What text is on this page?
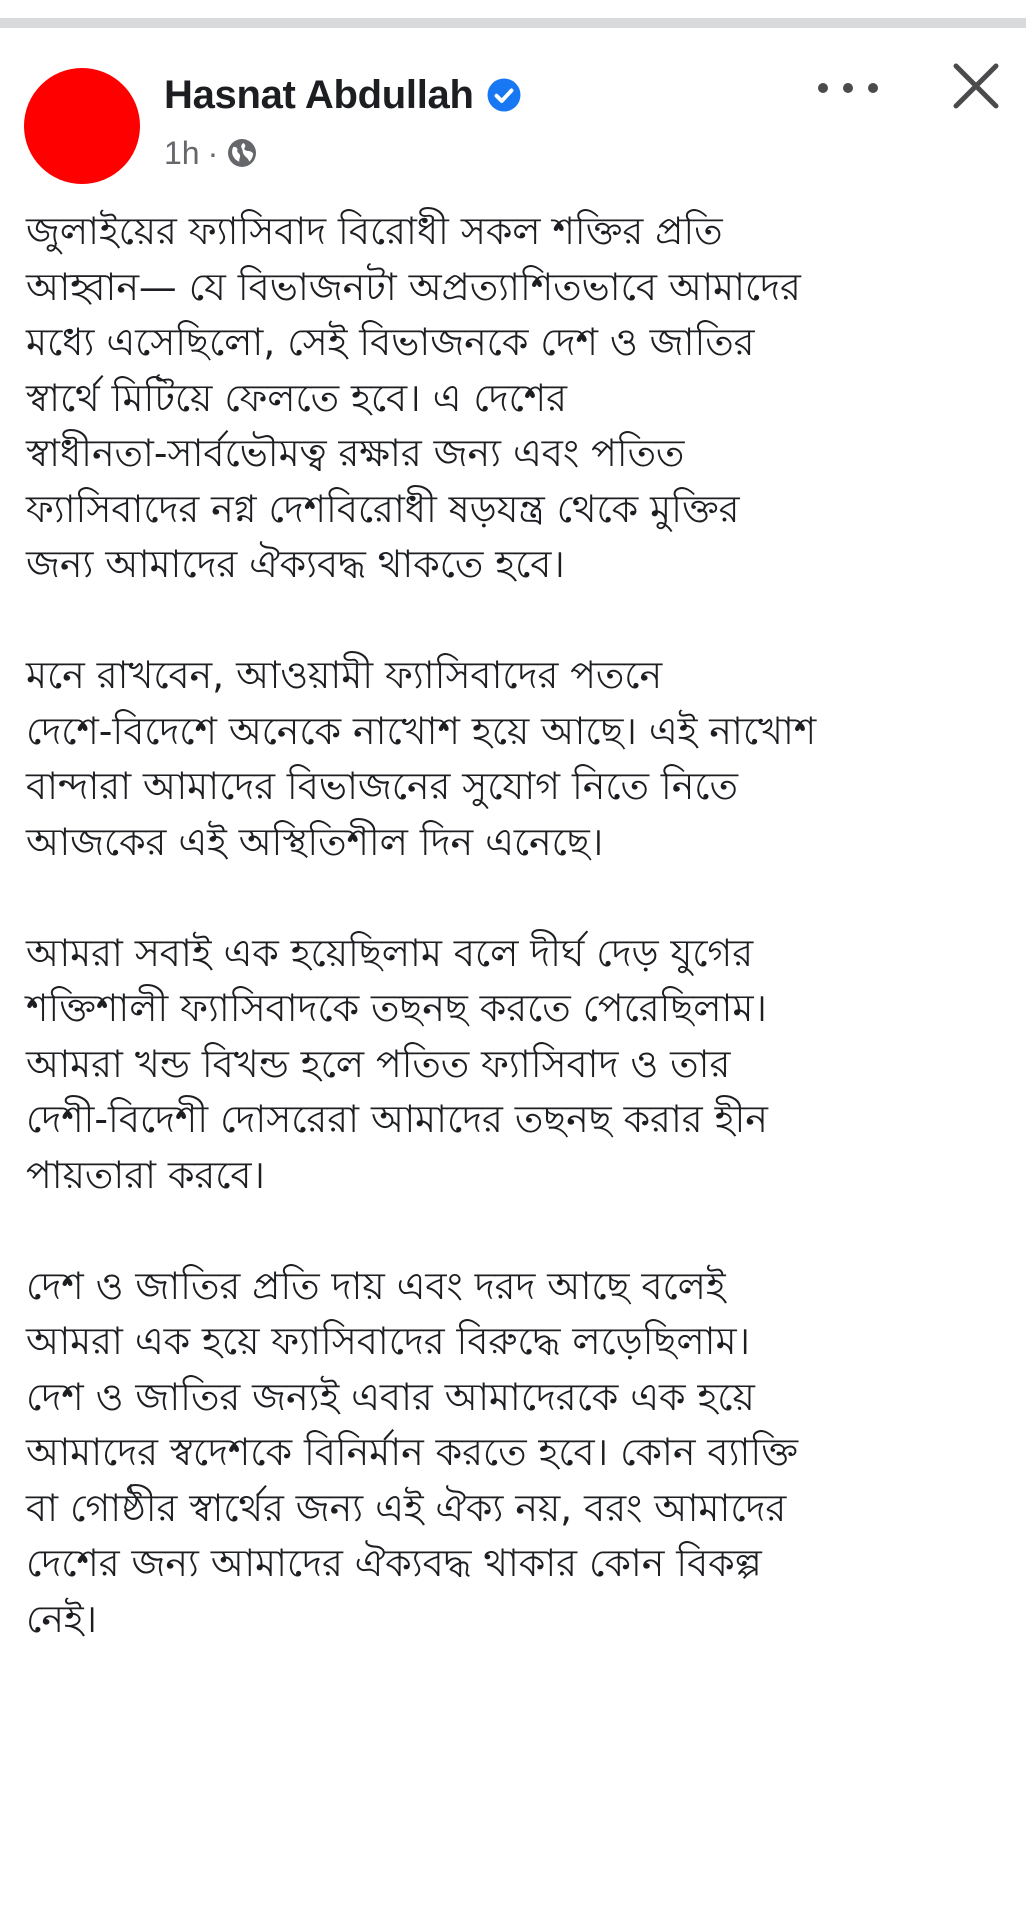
Hasnat Abdullah
1h ·

জুলাইয়ের ফ্যাসিবাদ বিরোধী সকল শক্তির প্রতি
আহ্বান— যে বিভাজনটা অপ্রত্যাশিতভাবে আমাদের
মধ্যে এসেছিলো, সেই বিভাজনকে দেশ ও জাতির
স্বার্থে মিটিয়ে ফেলতে হবে। এ দেশের
স্বাধীনতা-সার্বভৌমত্ব রক্ষার জন্য এবং পতিত
ফ্যাসিবাদের নগ্ন দেশবিরোধী ষড়যন্ত্র থেকে মুক্তির
জন্য আমাদের ঐক্যবদ্ধ থাকতে হবে।

মনে রাখবেন, আওয়ামী ফ্যাসিবাদের পতনে
দেশে-বিদেশে অনেকে নাখোশ হয়ে আছে। এই নাখোশ
বান্দারা আমাদের বিভাজনের সুযোগ নিতে নিতে
আজকের এই অস্থিতিশীল দিন এনেছে।

আমরা সবাই এক হয়েছিলাম বলে দীর্ঘ দেড় যুগের
শক্তিশালী ফ্যাসিবাদকে তছনছ করতে পেরেছিলাম।
আমরা খন্ড বিখন্ড হলে পতিত ফ্যাসিবাদ ও তার
দেশী-বিদেশী দোসরেরা আমাদের তছনছ করার হীন
পায়তারা করবে।

দেশ ও জাতির প্রতি দায় এবং দরদ আছে বলেই
আমরা এক হয়ে ফ্যাসিবাদের বিরুদ্ধে লড়েছিলাম।
দেশ ও জাতির জন্যই এবার আমাদেরকে এক হয়ে
আমাদের স্বদেশকে বিনির্মান করতে হবে। কোন ব্যাক্তি
বা গোষ্ঠীর স্বার্থের জন্য এই ঐক্য নয়, বরং আমাদের
দেশের জন্য আমাদের ঐক্যবদ্ধ থাকার কোন বিকল্প
নেই।
